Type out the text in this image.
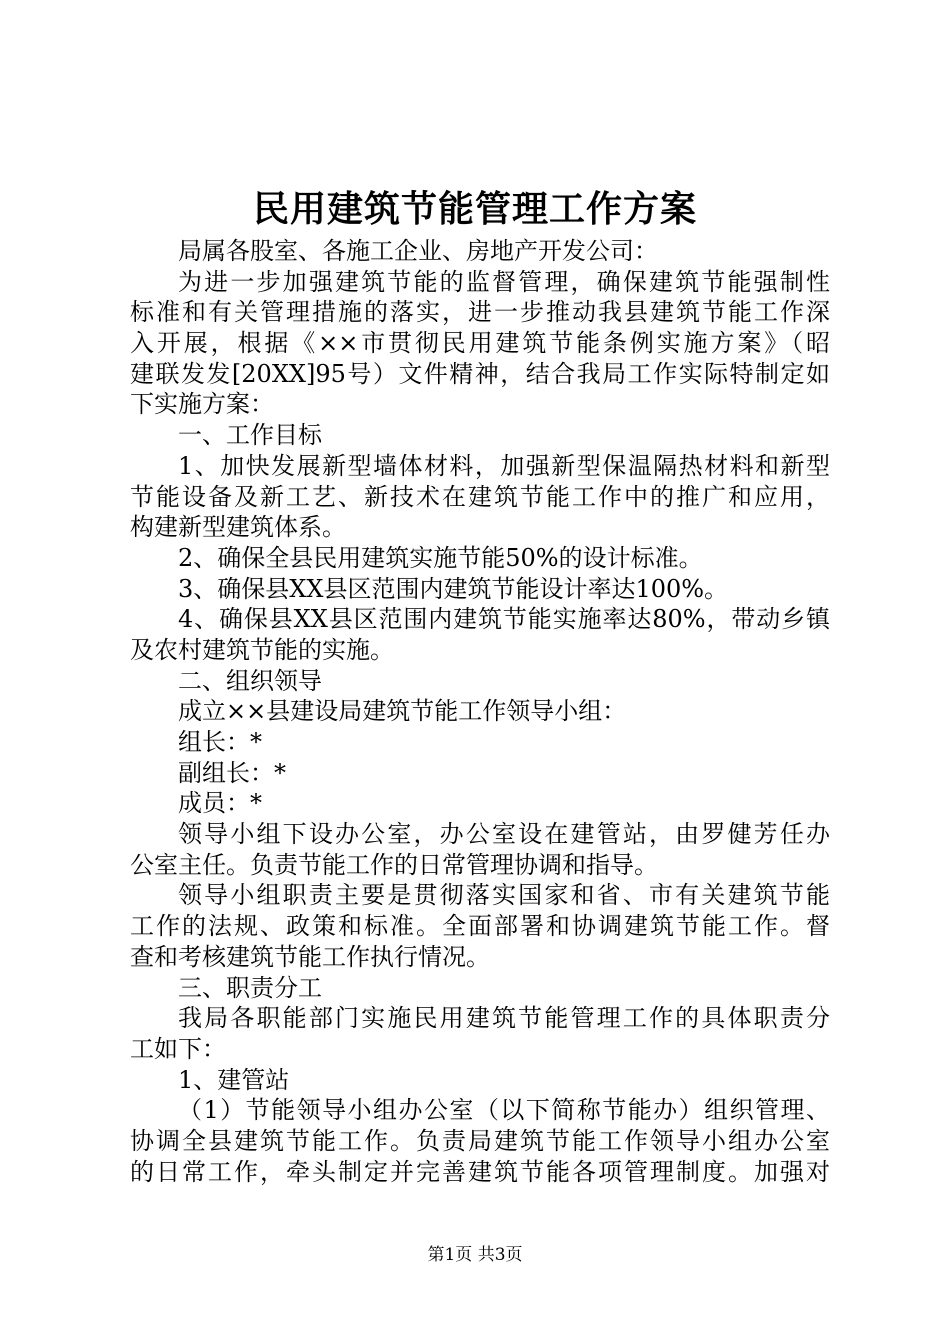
民用建筑节能管理工作方案

局属各股室、各施工企业、房地产开发公司：

为进一步加强建筑节能的监督管理，确保建筑节能强制性

标准和有关管理措施的落实，进一步推动我县建筑节能工作深

入开展，根据《××市贯彻民用建筑节能条例实施方案》（昭

建联发发[20XX]95号）文件精神，结合我局工作实际特制定如

下实施方案：

一、工作目标

1、加快发展新型墙体材料，加强新型保温隔热材料和新型

节能设备及新工艺、新技术在建筑节能工作中的推广和应用，

构建新型建筑体系。

2、确保全县民用建筑实施节能50%的设计标准。

3、确保县XX县区范围内建筑节能设计率达100%。

4、确保县XX县区范围内建筑节能实施率达80%，带动乡镇

及农村建筑节能的实施。

二、组织领导

成立××县建设局建筑节能工作领导小组：

组长：*

副组长：*

成员：*

领导小组下设办公室，办公室设在建管站，由罗健芳任办

公室主任。负责节能工作的日常管理协调和指导。

领导小组职责主要是贯彻落实国家和省、市有关建筑节能

工作的法规、政策和标准。全面部署和协调建筑节能工作。督

查和考核建筑节能工作执行情况。

三、职责分工

我局各职能部门实施民用建筑节能管理工作的具体职责分

工如下：

1、建管站

（1）节能领导小组办公室（以下简称节能办）组织管理、

协调全县建筑节能工作。负责局建筑节能工作领导小组办公室

的日常工作，牵头制定并完善建筑节能各项管理制度。加强对

第1页 共3页
